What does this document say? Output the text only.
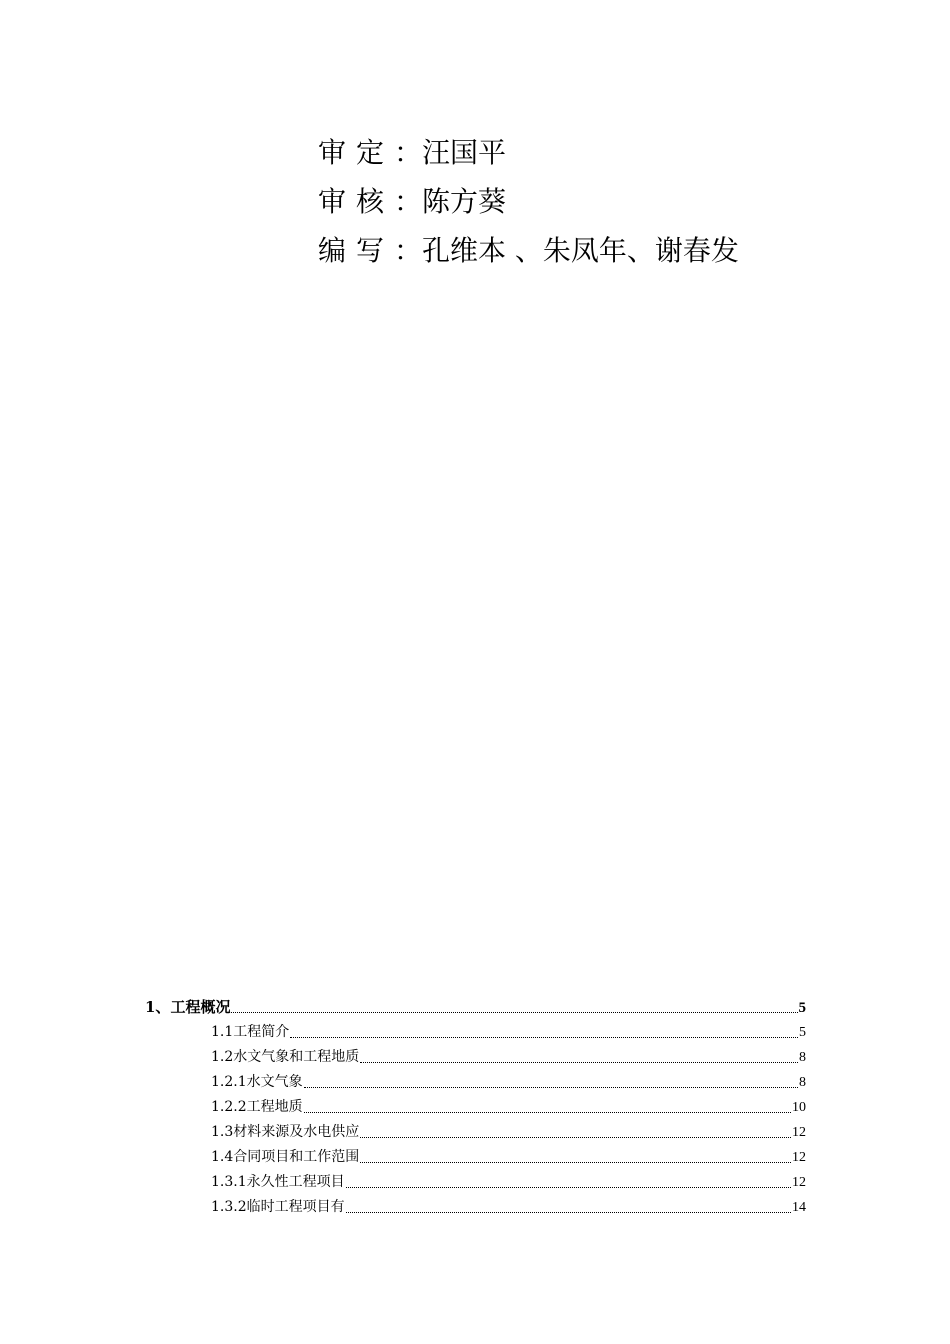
审定 ： 汪国平
审核 ： 陈方葵
编写 ： 孔维本 、朱凤年、谢春发
1、 工程概况	5
1.1 工程简介	5
1.2 水文气象和工程地质	8
1.2.1 水文气象	8
1.2.2 工程地质	10
1.3 材料来源及水电供应	12
1.4 合同项目和工作范围	12
1.3.1 永久性工程项目	12
1.3.2 临时工程项目有	14
